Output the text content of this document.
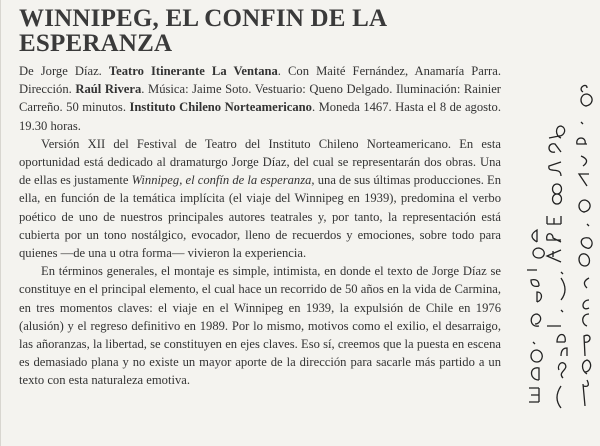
WINNIPEG, EL CONFIN DE LA ESPERANZA

De Jorge Díaz. Teatro Itinerante La Ventana. Con Maité Fernández, Anamaría Parra. Dirección. Raúl Rivera. Música: Jaime Soto. Vestuario: Queno Delgado. Iluminación: Rainier Carreño. 50 minutos. Instituto Chileno Norteamericano. Moneda 1467. Hasta el 8 de agosto. 19.30 horas.

Versión XII del Festival de Teatro del Instituto Chileno Norteamericano. En esta oportunidad está dedicado al dramaturgo Jorge Díaz, del cual se representarán dos obras. Una de ellas es justamente Winnipeg, el confín de la esperanza, una de sus últimas producciones. En ella, en función de la temática implícita (el viaje del Winnipeg en 1939), predomina el verbo poético de uno de nuestros principales autores teatrales y, por tanto, la representación está cubierta por un tono nostálgico, evocador, lleno de recuerdos y emociones, sobre todo para quienes —de una u otra forma— vivieron la experiencia.

En términos generales, el montaje es simple, intimista, en donde el texto de Jorge Díaz se constituye en el principal elemento, el cual hace un recorrido de 50 años en la vida de Carmina, en tres momentos claves: el viaje en el Winnipeg en 1939, la expulsión de Chile en 1976 (alusión) y el regreso definitivo en 1989. Por lo mismo, motivos como el exilio, el desarraigo, las añoranzas, la libertad, se constituyen en ejes claves. Eso sí, creemos que la puesta en escena es demasiado plana y no existe un mayor aporte de la dirección para sacarle más partido a un texto con esta naturaleza emotiva.
